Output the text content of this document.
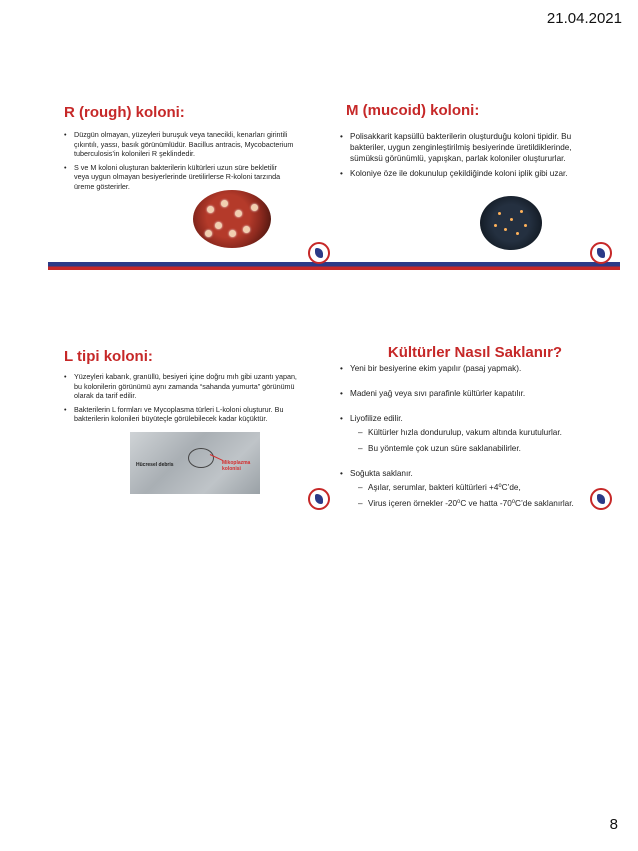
21.04.2021
R (rough) koloni:
• Düzgün olmayan, yüzeyleri buruşuk veya tanecikli, kenarları girintili çıkıntılı, yassı, basık görünümlüdür. Bacillus antracis, Mycobacterium tuberculosis’in kolonileri R şeklindedir.
• S ve M koloni oluşturan bakterilerin kültürleri uzun süre bekletilir veya uygun olmayan besiyerlerinde üretilirlerse R-koloni tarzında üreme gösterirler.
M (mucoid) koloni:
• Polisakkarit kapsüllü bakterilerin oluşturduğu koloni tipidir. Bu bakteriler, uygun zenginleştirilmiş besiyerinde üretildiklerinde, sümüksü görünümlü, yapışkan, parlak koloniler oluştururlar.
• Koloniye öze ile dokunulup çekildiğinde koloni iplik gibi uzar.
L tipi koloni:
• Yüzeyleri kabarık, granüllü, besiyeri içine doğru mıh gibi uzantı yapan, bu kolonilerin görünümü aynı zamanda “sahanda yumurta” görünümü olarak da tarif edilir.
• Bakterilerin L formları ve Mycoplasma türleri L-koloni oluşturur. Bu bakterilerin kolonileri büyüteçle görülebilecek kadar küçüktür.
Hücresel debris	Mikoplazma kolonisi
Kültürler Nasıl Saklanır?
• Yeni bir besiyerine ekim yapılır (pasaj yapmak).
• Madeni yağ veya sıvı parafinle kültürler kapatılır.
• Liyofilize edilir.
– Kültürler hızla dondurulup, vakum altında kurutulurlar.
– Bu yöntemle çok uzun süre saklanabilirler.
• Soğukta saklanır.
– Aşılar, serumlar, bakteri kültürleri +4⁰C’de,
– Virus içeren örnekler -20⁰C ve hatta -70⁰C’de saklanırlar.
8
